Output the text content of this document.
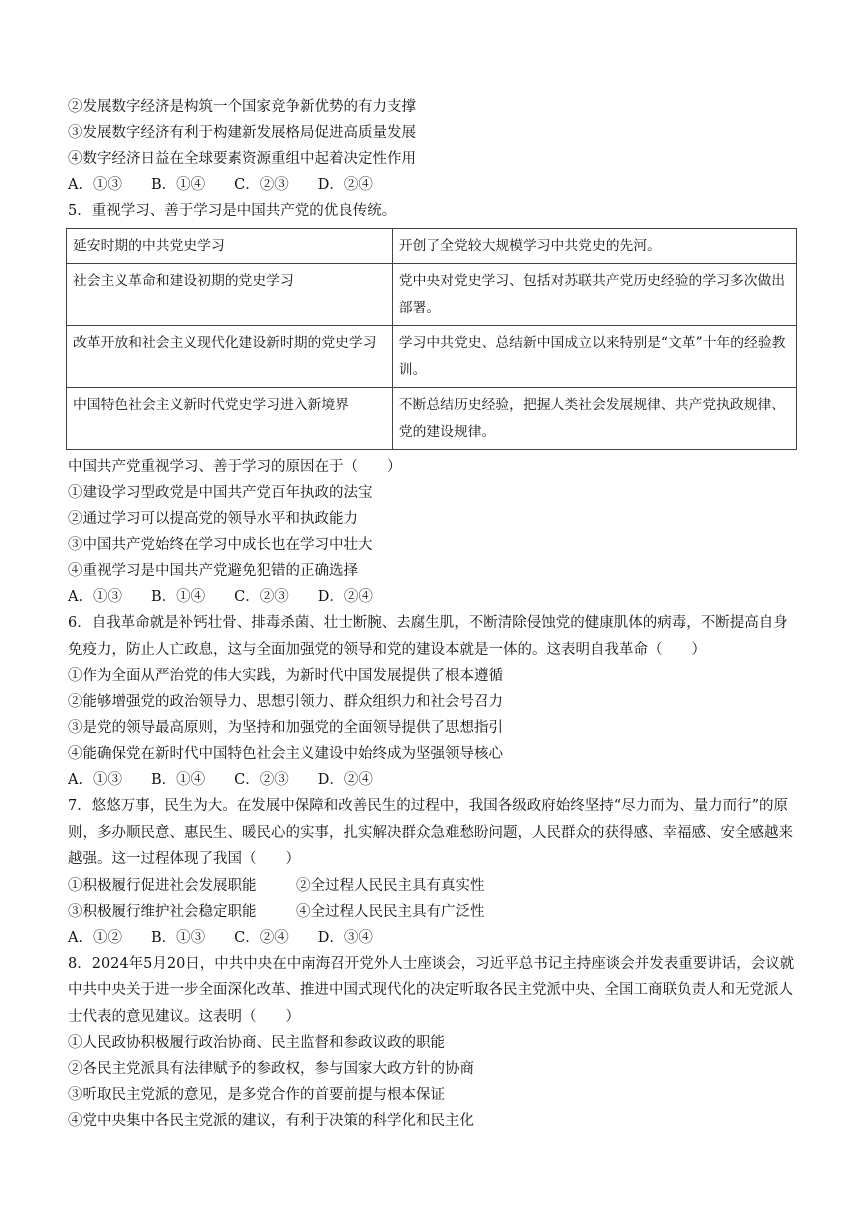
②发展数字经济是构筑一个国家竞争新优势的有力支撑
③发展数字经济有利于构建新发展格局促进高质量发展
④数字经济日益在全球要素资源重组中起着决定性作用
A．①③　　B．①④　　C．②③　　D．②④
5．重视学习、善于学习是中国共产党的优良传统。
延安时期的中共党史学习	开创了全党较大规模学习中共党史的先河。
社会主义革命和建设初期的党史学习	党中央对党史学习、包括对苏联共产党历史经验的学习多次做出部署。
改革开放和社会主义现代化建设新时期的党史学习	学习中共党史、总结新中国成立以来特别是“文革”十年的经验教训。
中国特色社会主义新时代党史学习进入新境界	不断总结历史经验，把握人类社会发展规律、共产党执政规律、党的建设规律。
中国共产党重视学习、善于学习的原因在于（　　）
①建设学习型政党是中国共产党百年执政的法宝
②通过学习可以提高党的领导水平和执政能力
③中国共产党始终在学习中成长也在学习中壮大
④重视学习是中国共产党避免犯错的正确选择
A．①③　　B．①④　　C．②③　　D．②④
6．自我革命就是补钙壮骨、排毒杀菌、壮士断腕、去腐生肌，不断清除侵蚀党的健康肌体的病毒，不断提高自身免疫力，防止人亡政息，这与全面加强党的领导和党的建设本就是一体的。这表明自我革命（　　）
①作为全面从严治党的伟大实践，为新时代中国发展提供了根本遵循
②能够增强党的政治领导力、思想引领力、群众组织力和社会号召力
③是党的领导最高原则，为坚持和加强党的全面领导提供了思想指引
④能确保党在新时代中国特色社会主义建设中始终成为坚强领导核心
A．①③　　B．①④　　C．②③　　D．②④
7．悠悠万事，民生为大。在发展中保障和改善民生的过程中，我国各级政府始终坚持“尽力而为、量力而行”的原则，多办顺民意、惠民生、暖民心的实事，扎实解决群众急难愁盼问题，人民群众的获得感、幸福感、安全感越来越强。这一过程体现了我国（　　）
①积极履行促进社会发展职能	②全过程人民民主具有真实性
③积极履行维护社会稳定职能	④全过程人民民主具有广泛性
A．①②　　B．①③　　C．②④　　D．③④
8．2024年5月20日，中共中央在中南海召开党外人士座谈会，习近平总书记主持座谈会并发表重要讲话，会议就中共中央关于进一步全面深化改革、推进中国式现代化的决定听取各民主党派中央、全国工商联负责人和无党派人士代表的意见建议。这表明（　　）
①人民政协积极履行政治协商、民主监督和参政议政的职能
②各民主党派具有法律赋予的参政权，参与国家大政方针的协商
③听取民主党派的意见，是多党合作的首要前提与根本保证
④党中央集中各民主党派的建议，有利于决策的科学化和民主化
